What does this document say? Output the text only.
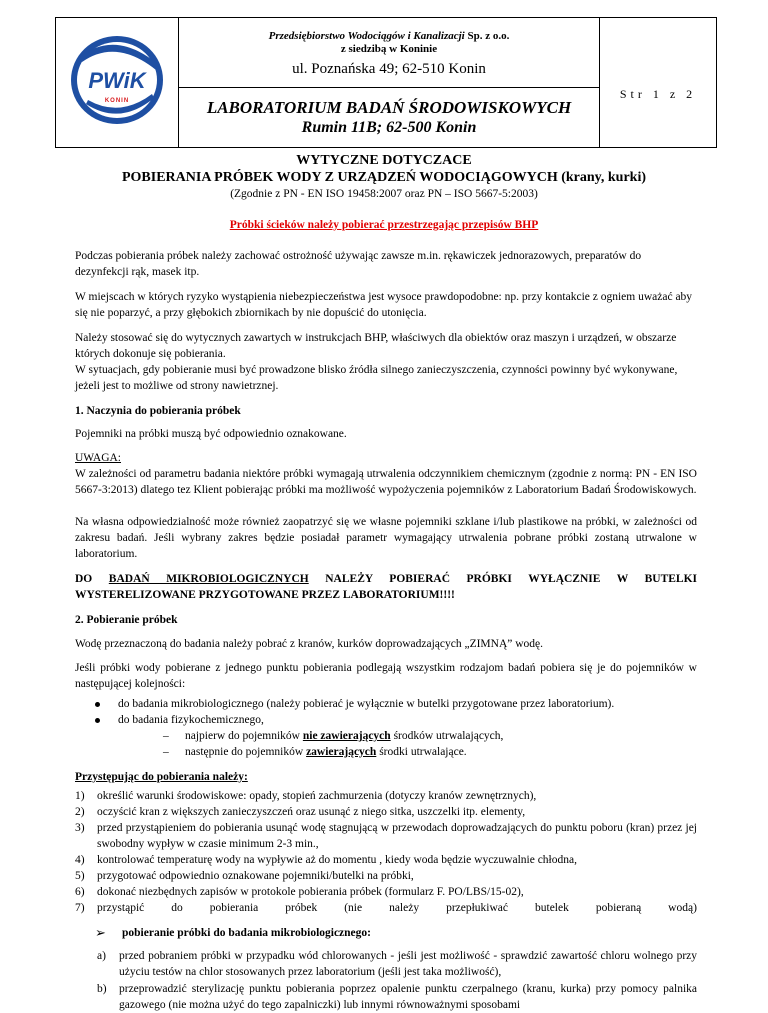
PWiK
KONIN
Przedsiębiorstwo Wodociągów i Kanalizacji Sp. z o.o.
z siedzibą w Koninie
ul. Poznańska 49; 62-510 Konin
LABORATORIUM BADAŃ ŚRODOWISKOWYCH
Rumin 11B; 62-500 Konin
Str 1 z 2
WYTYCZNE DOTYCZACE
POBIERANIA PRÓBEK WODY Z URZĄDZEŃ WODOCIĄGOWYCH (krany, kurki)
(Zgodnie z PN - EN ISO 19458:2007 oraz PN – ISO 5667-5:2003)
Próbki ścieków należy pobierać przestrzegając przepisów BHP
Podczas pobierania próbek należy zachować ostrożność używając zawsze m.in. rękawiczek jednorazowych, preparatów do dezynfekcji rąk, masek itp.
W miejscach w których ryzyko wystąpienia niebezpieczeństwa jest wysoce prawdopodobne: np. przy kontakcie z ogniem uważać aby się nie poparzyć, a przy głębokich zbiornikach by nie dopuścić do utonięcia.
Należy stosować się do wytycznych zawartych w instrukcjach BHP, właściwych dla obiektów oraz maszyn i urządzeń, w obszarze których dokonuje się pobierania.
W sytuacjach, gdy pobieranie musi być prowadzone blisko źródła silnego zanieczyszczenia, czynności powinny być wykonywane, jeżeli jest to możliwe od strony nawietrznej.
1. Naczynia do pobierania próbek
Pojemniki na próbki muszą być odpowiednio oznakowane.
UWAGA:
W zależności od parametru badania niektóre próbki wymagają utrwalenia odczynnikiem chemicznym (zgodnie z normą: PN - EN ISO 5667-3:2013) dlatego tez Klient pobierając próbki ma możliwość wypożyczenia pojemników z Laboratorium Badań Środowiskowych.
Na własna odpowiedzialność może również zaopatrzyć się we własne pojemniki szklane i/lub plastikowe na próbki, w zależności od zakresu badań. Jeśli wybrany zakres będzie posiadał parametr wymagający utrwalenia pobrane próbki zostaną utrwalone w laboratorium.
DO BADAŃ MIKROBIOLOGICZNYCH NALEŻY POBIERAĆ PRÓBKI WYŁĄCZNIE W BUTELKI WYSTERELIZOWANE PRZYGOTOWANE PRZEZ LABORATORIUM!!!!
2. Pobieranie próbek
Wodę przeznaczoną do badania należy pobrać z kranów, kurków doprowadzających „ZIMNĄ” wodę.
Jeśli próbki wody pobierane z jednego punktu pobierania podlegają wszystkim rodzajom badań pobiera się je do pojemników w następującej kolejności:
do badania mikrobiologicznego (należy pobierać je wyłącznie w butelki przygotowane przez laboratorium).
do badania fizykochemicznego,
– najpierw do pojemników nie zawierających środków utrwalających,
– następnie do pojemników zawierających środki utrwalające.
Przystępując do pobierania należy:
1) określić warunki środowiskowe: opady, stopień zachmurzenia (dotyczy kranów zewnętrznych),
2) oczyścić kran z większych zanieczyszczeń oraz usunąć z niego sitka, uszczelki itp. elementy,
3) przed przystąpieniem do pobierania usunąć wodę stagnującą w przewodach doprowadzających do punktu poboru (kran) przez jej swobodny wypływ w czasie minimum 2-3 min.,
4) kontrolować temperaturę wody na wypływie aż do momentu , kiedy woda będzie wyczuwalnie chłodna,
5) przygotować odpowiednio oznakowane pojemniki/butelki na próbki,
6) dokonać niezbędnych zapisów w protokole pobierania próbek (formularz F. PO/LBS/15-02),
7) przystąpić do pobierania próbek (nie należy przepłukiwać butelek pobieraną wodą)
➢ pobieranie próbki do badania mikrobiologicznego:
a) przed pobraniem próbki w przypadku wód chlorowanych - jeśli jest możliwość - sprawdzić zawartość chloru wolnego przy użyciu testów na chlor stosowanych przez laboratorium (jeśli jest taka możliwość),
b) przeprowadzić sterylizację punktu pobierania poprzez opalenie punktu czerpalnego (kranu, kurka) przy pomocy palnika gazowego (nie można użyć do tego zapalniczki) lub innymi równoważnymi sposobami
